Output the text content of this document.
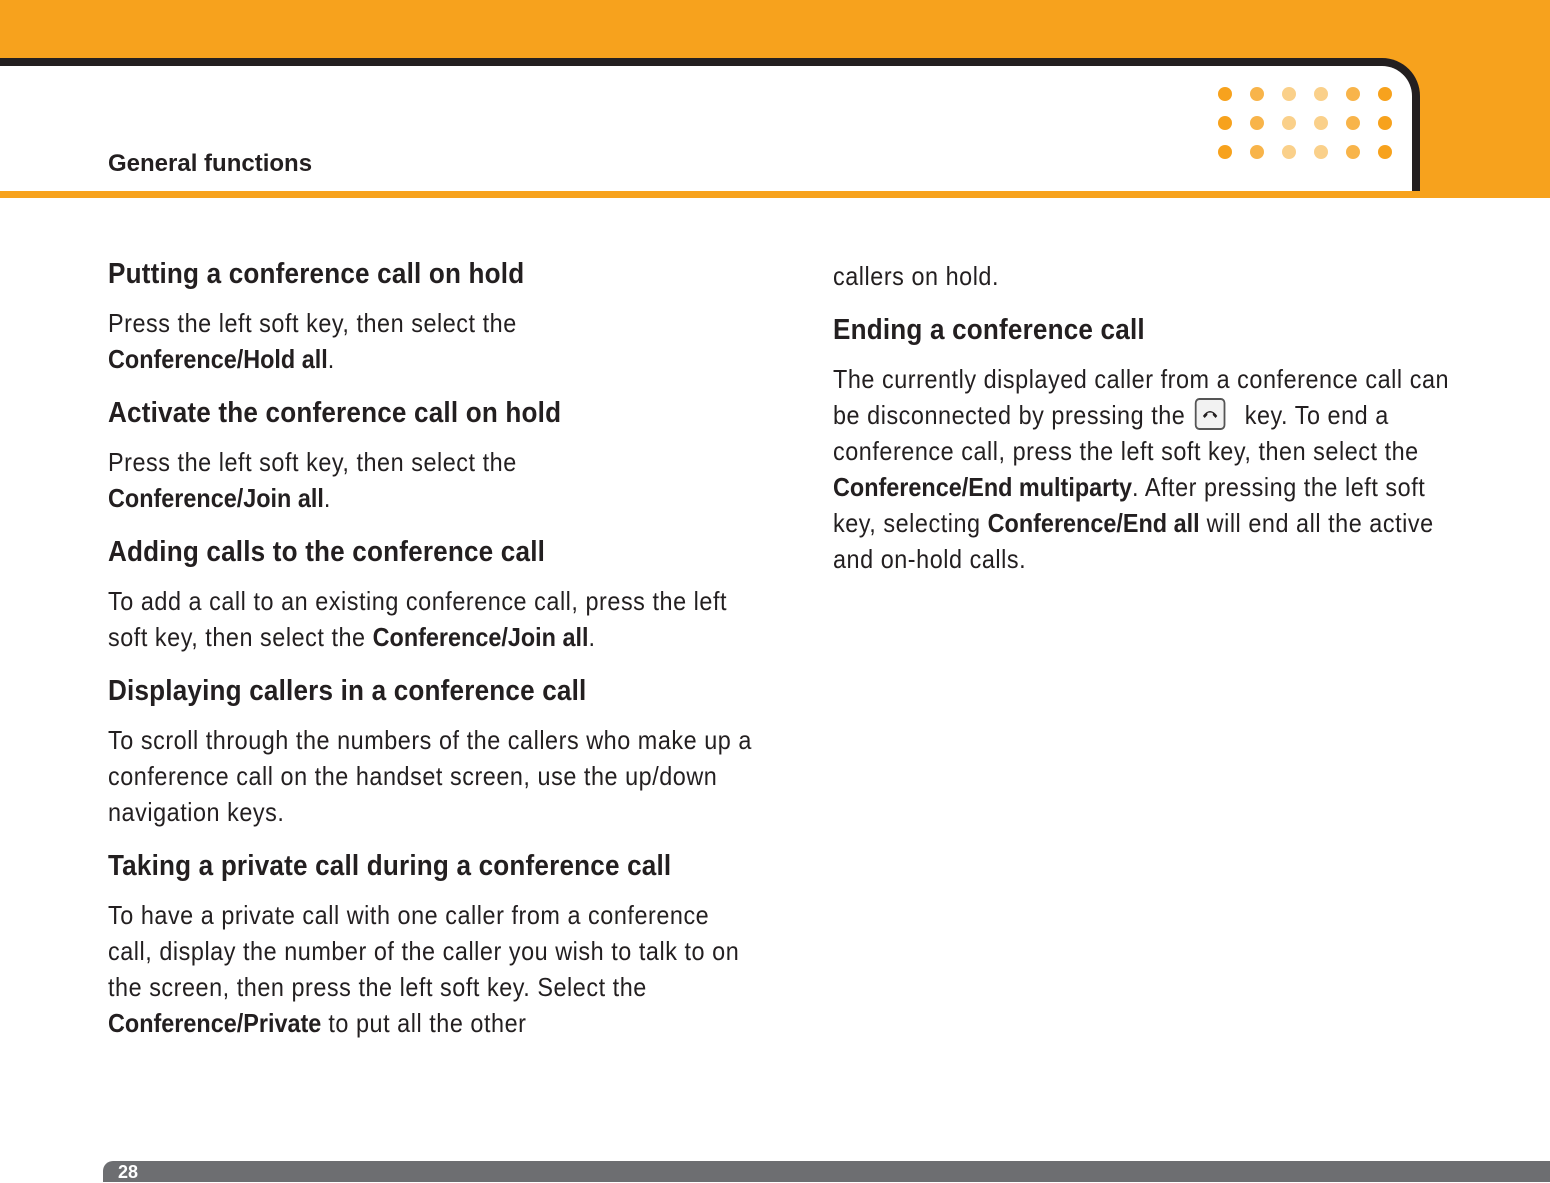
General functions
Putting a conference call on hold

Press the left soft key, then select the
Conference/Hold all.

Activate the conference call on hold

Press the left soft key, then select the
Conference/Join all.

Adding calls to the conference call

To add a call to an existing conference call, press the left soft key, then select the Conference/Join all.

Displaying callers in a conference call

To scroll through the numbers of the callers who make up a conference call on the handset screen, use the up/down navigation keys.

Taking a private call during a conference call

To have a private call with one caller from a conference call, display the number of the caller you wish to talk to on the screen, then press the left soft key. Select the Conference/Private to put all the other

callers on hold.

Ending a conference call

The currently displayed caller from a conference call can be disconnected by pressing the key. To end a conference call, press the left soft key, then select the Conference/End multiparty. After pressing the left soft key, selecting Conference/End all will end all the active and on-hold calls.

28
